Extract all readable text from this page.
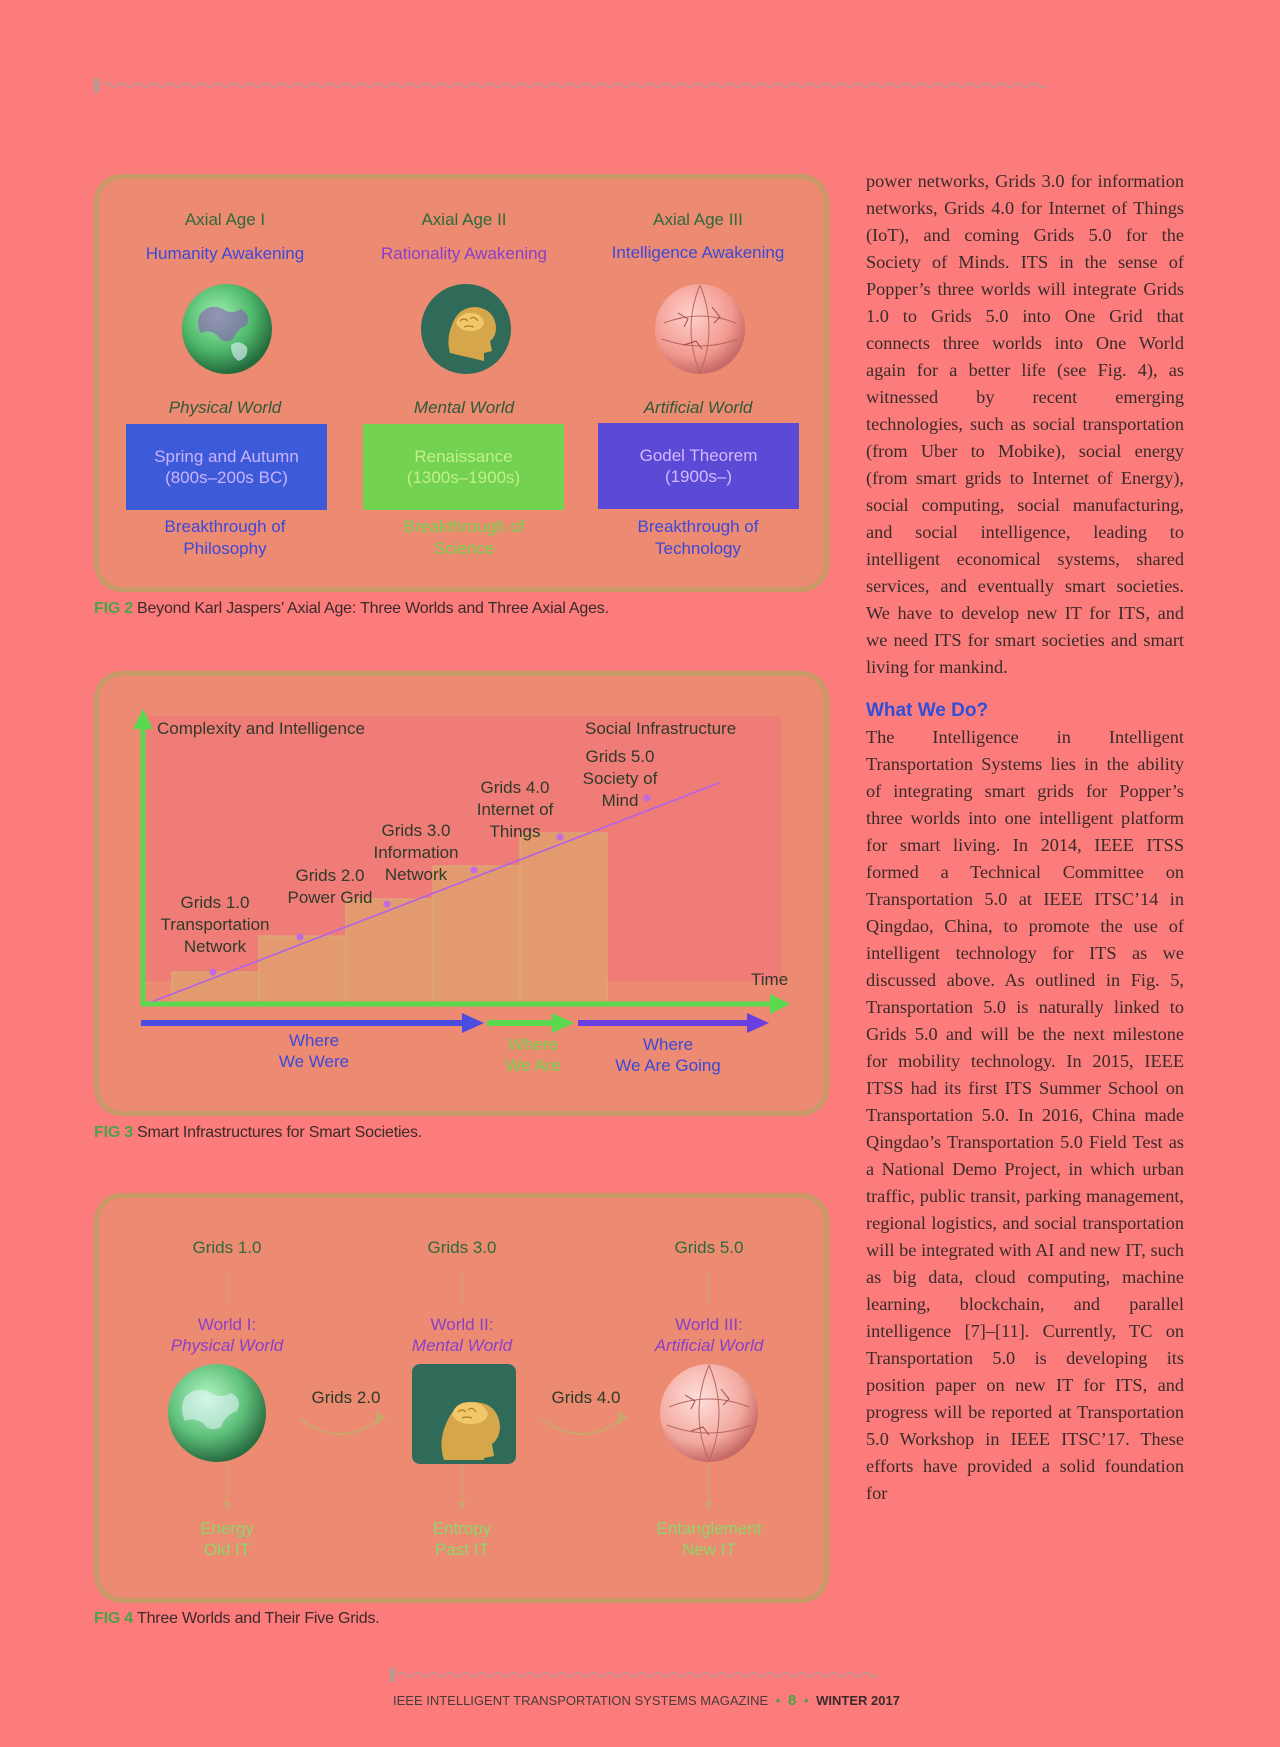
Axial Age I
Humanity Awakening
Physical World
Spring and Autumn
(800s–200s BC)
Breakthrough of
Philosophy
Axial Age II
Rationality Awakening
Mental World
Renaissance
(1300s–1900s)
Breakthrough of
Science
Axial Age III
Intelligence Awakening
Artificial World
Godel Theorem
(1900s–)
Breakthrough of
Technology
FIG 2 Beyond Karl Jaspers’ Axial Age: Three Worlds and Three Axial Ages.
Complexity and Intelligence	Social Infrastructure
Time
Grids 1.0
Transportation
Network
Grids 2.0
Power Grid
Grids 3.0
Information
Network
Grids 4.0
Internet of
Things
Grids 5.0
Society of
Mind
Where
We Were
Where
We Are
Where
We Are Going
FIG 3 Smart Infrastructures for Smart Societies.
Grids 1.0	Grids 3.0	Grids 5.0
World I:
Physical World
World II:
Mental World
World III:
Artificial World
Grids 2.0	Grids 4.0
Energy
Old IT
Entropy
Past IT
Entanglement
New IT
FIG 4 Three Worlds and Their Five Grids.

power networks, Grids 3.0 for information networks, Grids 4.0 for Internet of Things (IoT), and coming Grids 5.0 for the Society of Minds. ITS in the sense of Popper’s three worlds will integrate Grids 1.0 to Grids 5.0 into One Grid that connects three worlds into One World again for a better life (see Fig. 4), as witnessed by recent emerging technologies, such as social transportation (from Uber to Mobike), social energy (from smart grids to Internet of Energy), social computing, social manufacturing, and social intelligence, leading to intelligent economical systems, shared services, and eventually smart societies. We have to develop new IT for ITS, and we need ITS for smart societies and smart living for mankind.

What We Do?

The Intelligence in Intelligent Transportation Systems lies in the ability of integrating smart grids for Popper’s three worlds into one intelligent platform for smart living. In 2014, IEEE ITSS formed a Technical Committee on Transportation 5.0 at IEEE ITSC’14 in Qingdao, China, to promote the use of intelligent technology for ITS as we discussed above. As outlined in Fig. 5, Transportation 5.0 is naturally linked to Grids 5.0 and will be the next milestone for mobility technology. In 2015, IEEE ITSS had its first ITS Summer School on Transportation 5.0. In 2016, China made Qingdao’s Transportation 5.0 Field Test as a National Demo Project, in which urban traffic, public transit, parking management, regional logistics, and social transportation will be integrated with AI and new IT, such as big data, cloud computing, machine learning, blockchain, and parallel intelligence [7]–[11]. Currently, TC on Transportation 5.0 is developing its position paper on new IT for ITS, and progress will be reported at Transportation 5.0 Workshop in IEEE ITSC’17. These efforts have provided a solid foundation for

IEEE INTELLIGENT TRANSPORTATION SYSTEMS MAGAZINE • 8 • WINTER 2017
